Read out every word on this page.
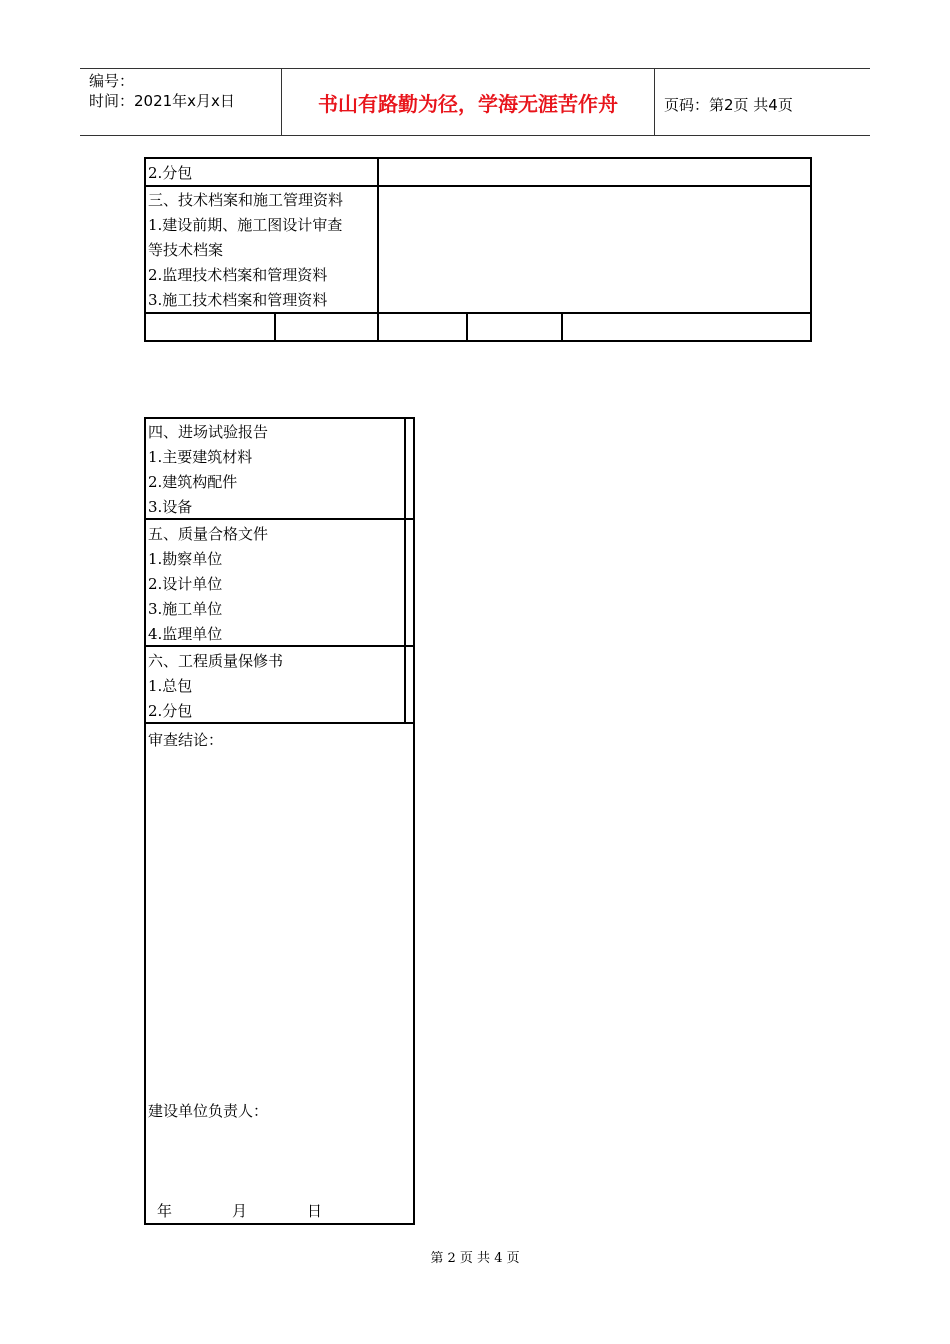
编号：
时间：2021年x月x日	书山有路勤为径，学海无涯苦作舟	页码：第2页 共4页
2.分包
三、技术档案和施工管理资料
1.建设前期、施工图设计审查
等技术档案
2.监理技术档案和管理资料
3.施工技术档案和管理资料
四、进场试验报告
1.主要建筑材料
2.建筑构配件
3.设备
五、质量合格文件
1.勘察单位
2.设计单位
3.施工单位
4.监理单位
六、工程质量保修书
1.总包
2.分包
审查结论：
建设单位负责人：
年	月	日
第 2 页 共 4 页
